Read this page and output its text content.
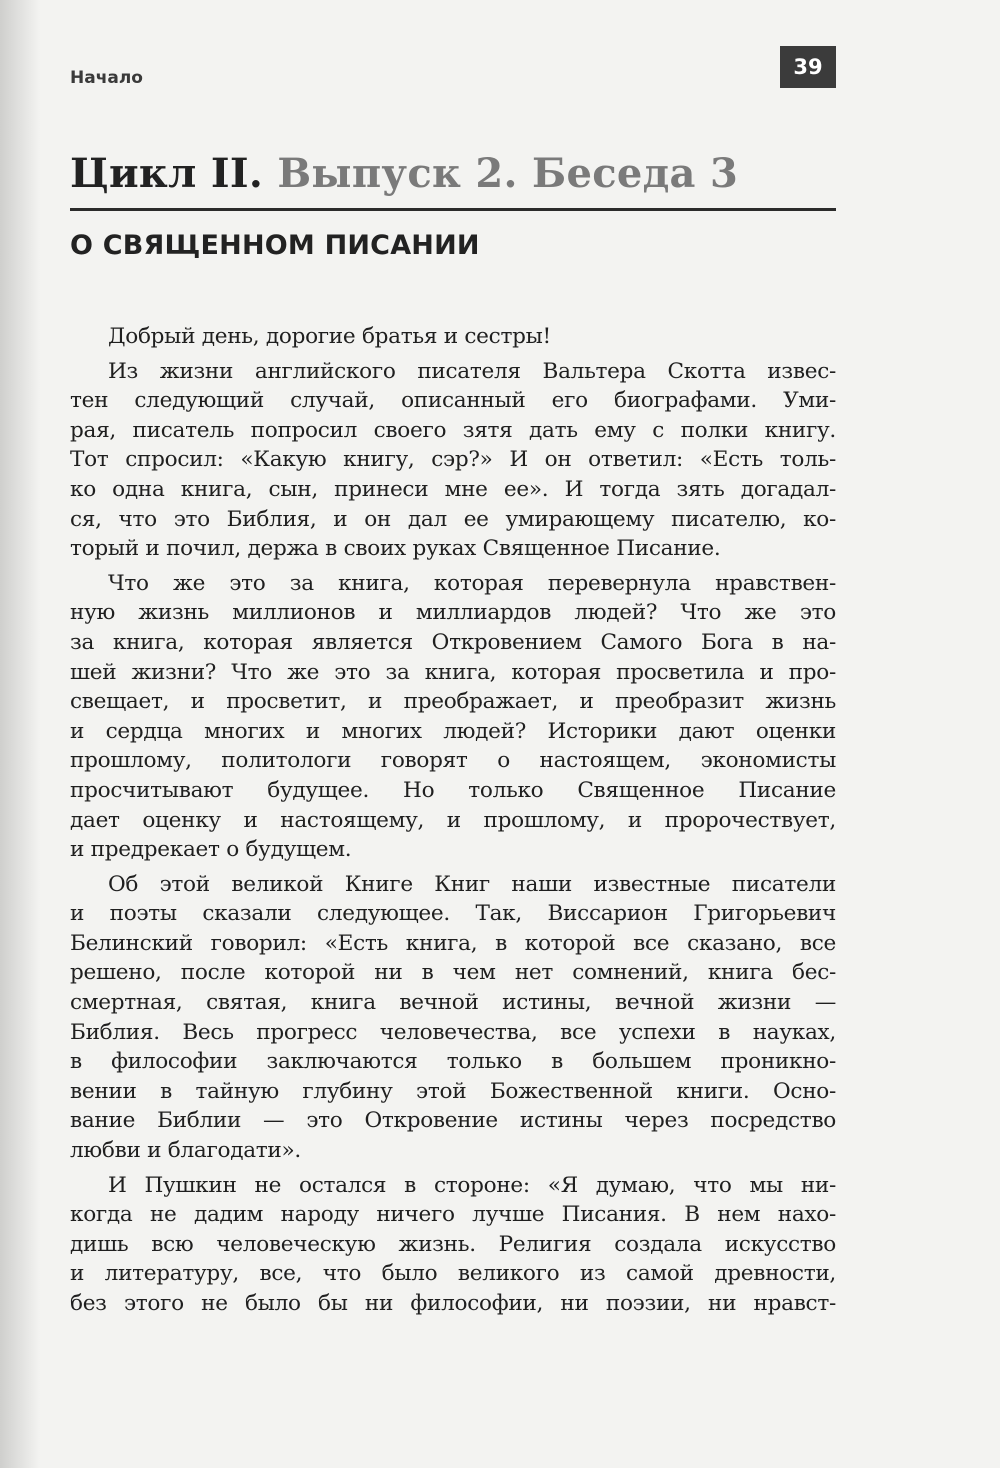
Начало	39
Цикл II. Выпуск 2. Беседа 3
О СВЯЩЕННОМ ПИСАНИИ
Добрый день, дорогие братья и сестры!
Из жизни английского писателя Вальтера Скотта извес-
тен следующий случай, описанный его биографами. Уми-
рая, писатель попросил своего зятя дать ему с полки книгу.
Тот спросил: «Какую книгу, сэр?» И он ответил: «Есть толь-
ко одна книга, сын, принеси мне ее». И тогда зять догадал-
ся, что это Библия, и он дал ее умирающему писателю, ко-
торый и почил, держа в своих руках Священное Писание.
Что же это за книга, которая перевернула нравствен-
ную жизнь миллионов и миллиардов людей? Что же это
за книга, которая является Откровением Самого Бога в на-
шей жизни? Что же это за книга, которая просветила и про-
свещает, и просветит, и преображает, и преобразит жизнь
и сердца многих и многих людей? Историки дают оценки
прошлому, политологи говорят о настоящем, экономисты
просчитывают будущее. Но только Священное Писание
дает оценку и настоящему, и прошлому, и пророчествует,
и предрекает о будущем.
Об этой великой Книге Книг наши известные писатели
и поэты сказали следующее. Так, Виссарион Григорьевич
Белинский говорил: «Есть книга, в которой все сказано, все
решено, после которой ни в чем нет сомнений, книга бес-
смертная, святая, книга вечной истины, вечной жизни —
Библия. Весь прогресс человечества, все успехи в науках,
в философии заключаются только в большем проникно-
вении в тайную глубину этой Божественной книги. Осно-
вание Библии — это Откровение истины через посредство
любви и благодати».
И Пушкин не остался в стороне: «Я думаю, что мы ни-
когда не дадим народу ничего лучше Писания. В нем нахо-
дишь всю человеческую жизнь. Религия создала искусство
и литературу, все, что было великого из самой древности,
без этого не было бы ни философии, ни поэзии, ни нравст-
